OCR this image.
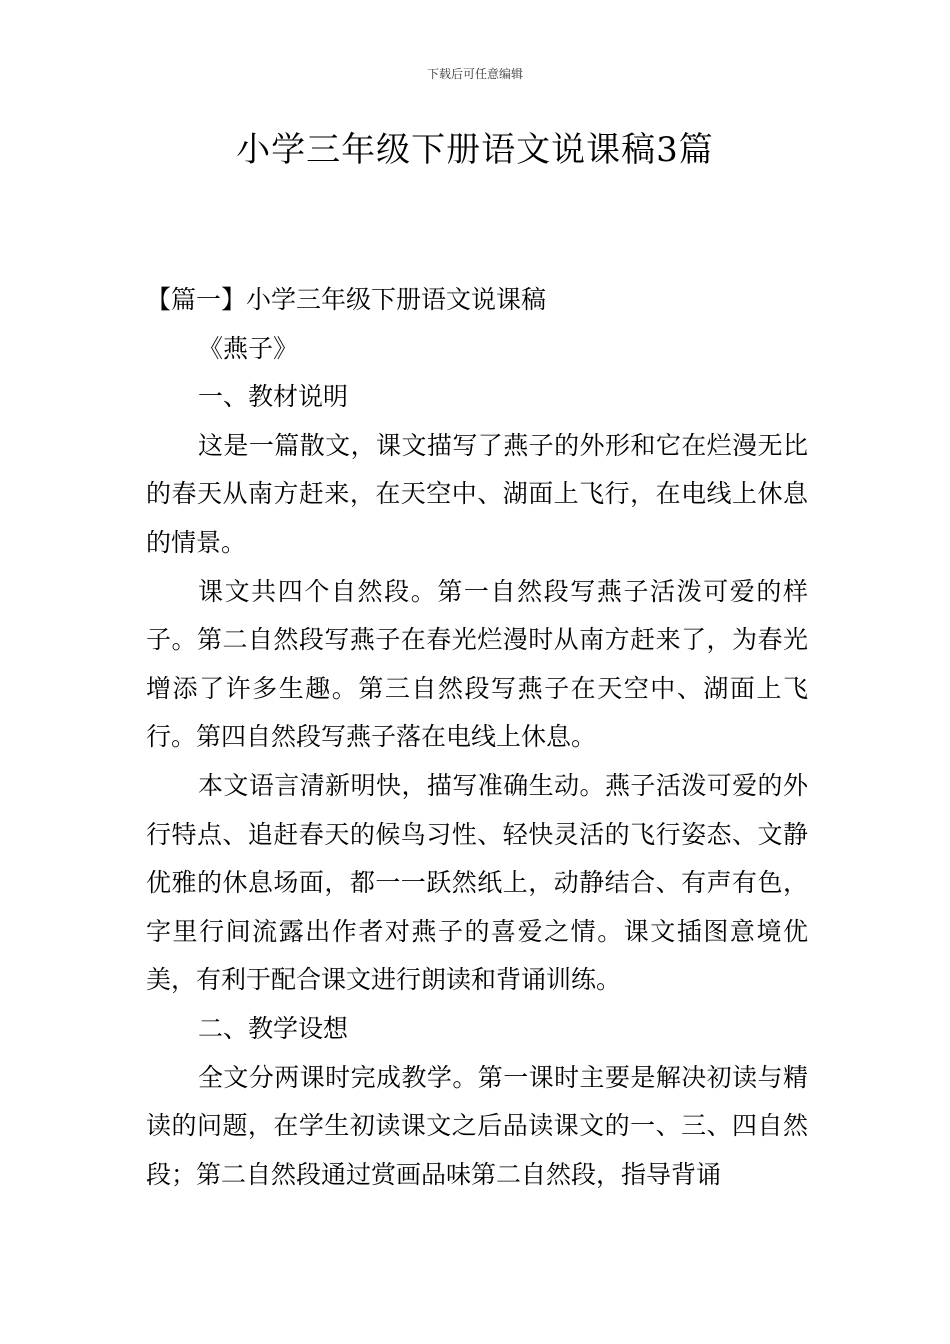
下载后可任意编辑
小学三年级下册语文说课稿3篇

【篇一】小学三年级下册语文说课稿

《燕子》

一、教材说明

这是一篇散文，课文描写了燕子的外形和它在烂漫无比的春天从南方赶来，在天空中、湖面上飞行，在电线上休息的情景。

课文共四个自然段。第一自然段写燕子活泼可爱的样子。第二自然段写燕子在春光烂漫时从南方赶来了，为春光增添了许多生趣。第三自然段写燕子在天空中、湖面上飞行。第四自然段写燕子落在电线上休息。

本文语言清新明快，描写准确生动。燕子活泼可爱的外行特点、追赶春天的候鸟习性、轻快灵活的飞行姿态、文静优雅的休息场面，都一一跃然纸上，动静结合、有声有色，字里行间流露出作者对燕子的喜爱之情。课文插图意境优美，有利于配合课文进行朗读和背诵训练。

二、教学设想

全文分两课时完成教学。第一课时主要是解决初读与精读的问题，在学生初读课文之后品读课文的一、三、四自然段；第二自然段通过赏画品味第二自然段，指导背诵
